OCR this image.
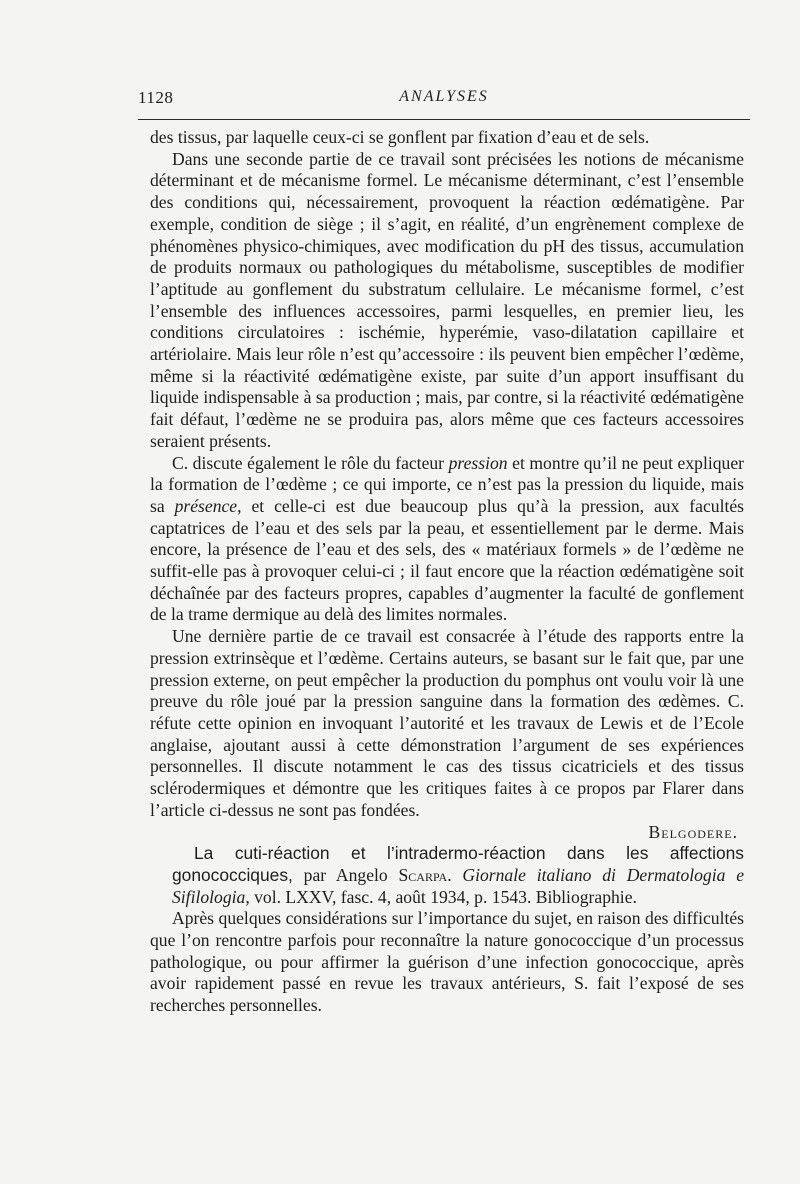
1128	ANALYSES

des tissus, par laquelle ceux-ci se gonflent par fixation d’eau et de sels.

Dans une seconde partie de ce travail sont précisées les notions de mécanisme déterminant et de mécanisme formel. Le mécanisme déterminant, c’est l’ensemble des conditions qui, nécessairement, provoquent la réaction œdématigène. Par exemple, condition de siège ; il s’agit, en réalité, d’un engrènement complexe de phénomènes physico-chimiques, avec modification du pH des tissus, accumulation de produits normaux ou pathologiques du métabolisme, susceptibles de modifier l’aptitude au gonflement du substratum cellulaire. Le mécanisme formel, c’est l’ensemble des influences accessoires, parmi lesquelles, en premier lieu, les conditions circulatoires : ischémie, hyperémie, vaso-dilatation capillaire et artériolaire. Mais leur rôle n’est qu’accessoire : ils peuvent bien empêcher l’œdème, même si la réactivité œdématigène existe, par suite d’un apport insuffisant du liquide indispensable à sa production ; mais, par contre, si la réactivité œdématigène fait défaut, l’œdème ne se produira pas, alors même que ces facteurs accessoires seraient présents.

C. discute également le rôle du facteur pression et montre qu’il ne peut expliquer la formation de l’œdème ; ce qui importe, ce n’est pas la pression du liquide, mais sa présence, et celle-ci est due beaucoup plus qu’à la pression, aux facultés captatrices de l’eau et des sels par la peau, et essentiellement par le derme. Mais encore, la présence de l’eau et des sels, des « matériaux formels » de l’œdème ne suffit-elle pas à provoquer celui-ci ; il faut encore que la réaction œdématigène soit déchaînée par des facteurs propres, capables d’augmenter la faculté de gonflement de la trame dermique au delà des limites normales.

Une dernière partie de ce travail est consacrée à l’étude des rapports entre la pression extrinsèque et l’œdème. Certains auteurs, se basant sur le fait que, par une pression externe, on peut empêcher la production du pomphus ont voulu voir là une preuve du rôle joué par la pression sanguine dans la formation des œdèmes. C. réfute cette opinion en invoquant l’autorité et les travaux de Lewis et de l’Ecole anglaise, ajoutant aussi à cette démonstration l’argument de ses expériences personnelles. Il discute notamment le cas des tissus cicatriciels et des tissus sclérodermiques et démontre que les critiques faites à ce propos par Flarer dans l’article ci-dessus ne sont pas fondées.

Belgodere.

La cuti-réaction et l’intradermo-réaction dans les affections gonococciques, par Angelo Scarpa. Giornale italiano di Dermatologia e Sifilologia, vol. LXXV, fasc. 4, août 1934, p. 1543. Bibliographie.

Après quelques considérations sur l’importance du sujet, en raison des difficultés que l’on rencontre parfois pour reconnaître la nature gonococcique d’un processus pathologique, ou pour affirmer la guérison d’une infection gonococcique, après avoir rapidement passé en revue les travaux antérieurs, S. fait l’exposé de ses recherches personnelles.
